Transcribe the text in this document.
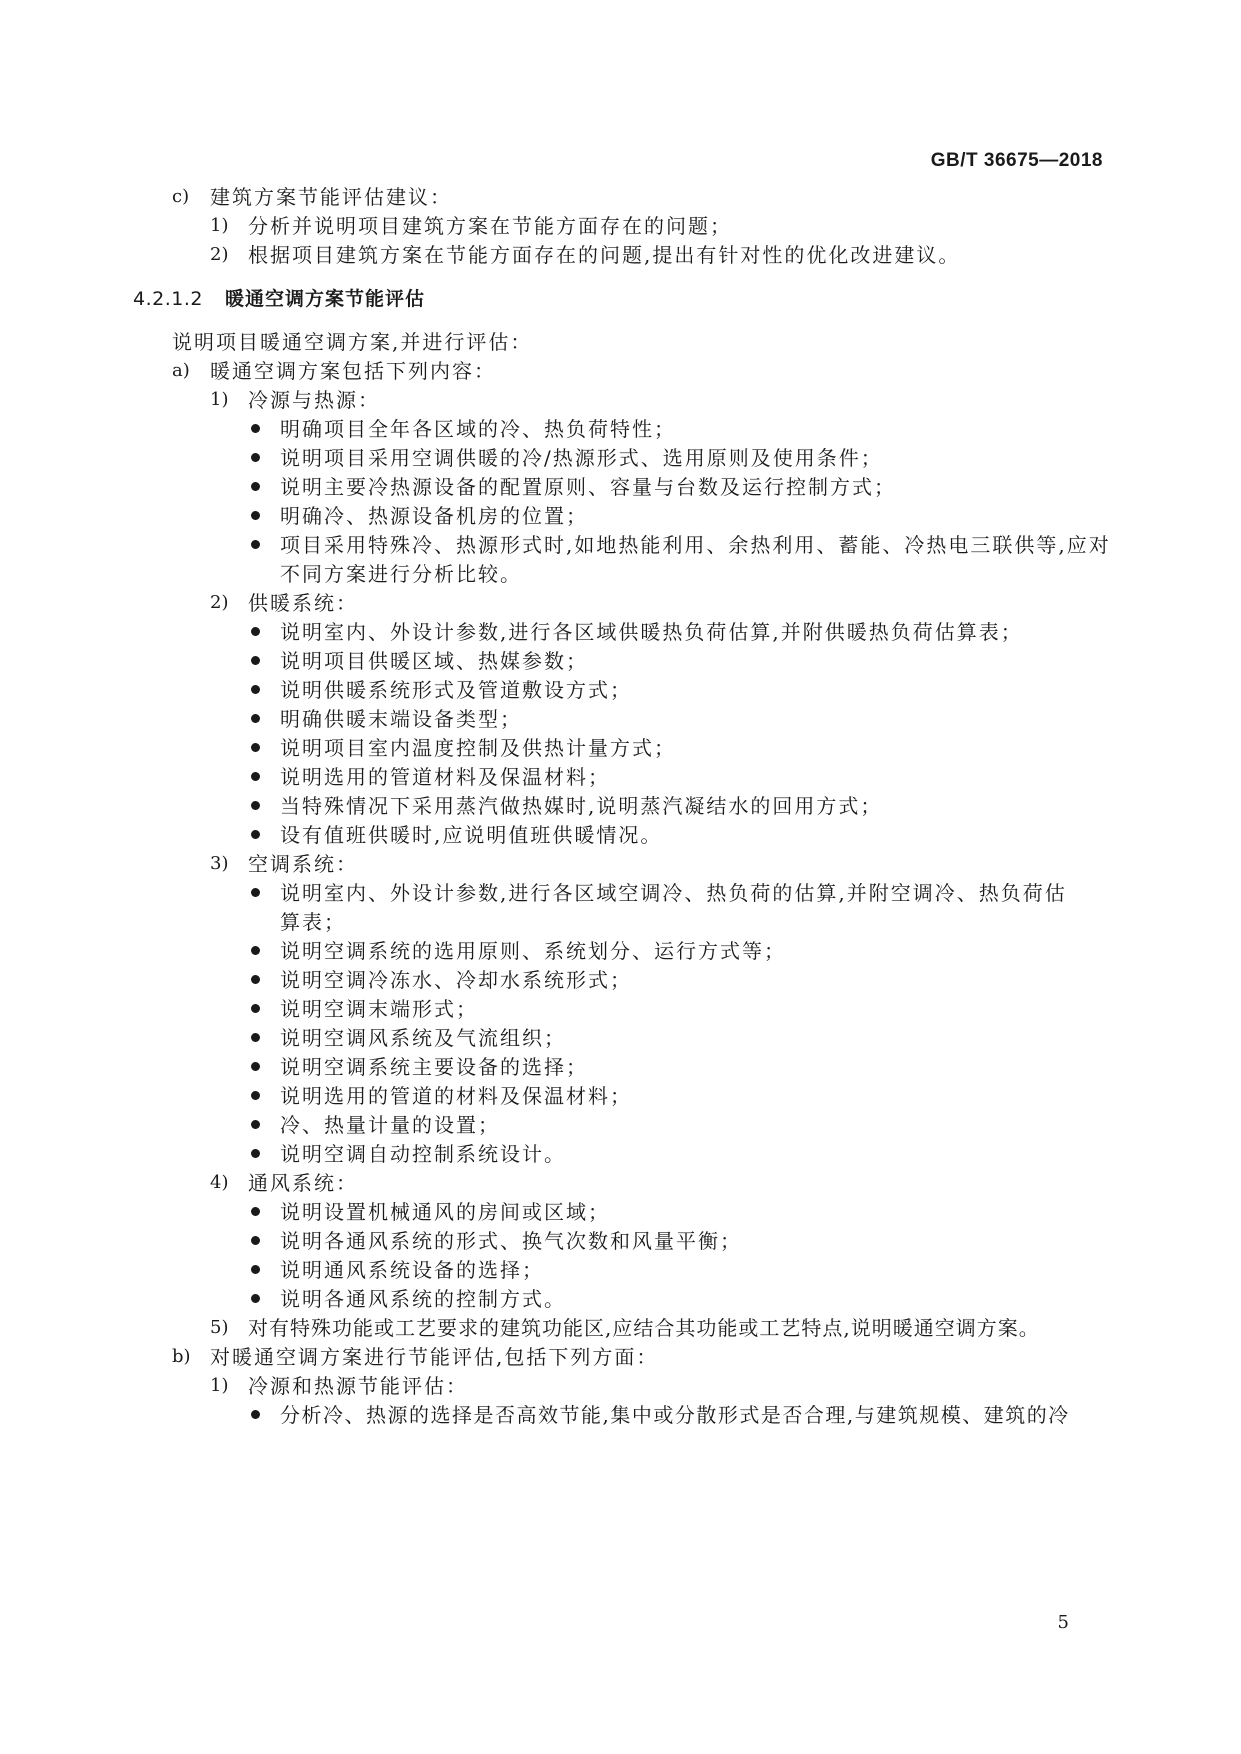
GB/T 36675—2018
c) 建筑方案节能评估建议：
1) 分析并说明项目建筑方案在节能方面存在的问题；
2) 根据项目建筑方案在节能方面存在的问题,提出有针对性的优化改进建议。
4.2.1.2 暖通空调方案节能评估
说明项目暖通空调方案,并进行评估：
a) 暖通空调方案包括下列内容：
1) 冷源与热源：
明确项目全年各区域的冷、热负荷特性；
说明项目采用空调供暖的冷/热源形式、选用原则及使用条件；
说明主要冷热源设备的配置原则、容量与台数及运行控制方式；
明确冷、热源设备机房的位置；
项目采用特殊冷、热源形式时,如地热能利用、余热利用、蓄能、冷热电三联供等,应对
不同方案进行分析比较。
2) 供暖系统：
说明室内、外设计参数,进行各区域供暖热负荷估算,并附供暖热负荷估算表；
说明项目供暖区域、热媒参数；
说明供暖系统形式及管道敷设方式；
明确供暖末端设备类型；
说明项目室内温度控制及供热计量方式；
说明选用的管道材料及保温材料；
当特殊情况下采用蒸汽做热媒时,说明蒸汽凝结水的回用方式；
设有值班供暖时,应说明值班供暖情况。
3) 空调系统：
说明室内、外设计参数,进行各区域空调冷、热负荷的估算,并附空调冷、热负荷估
算表；
说明空调系统的选用原则、系统划分、运行方式等；
说明空调冷冻水、冷却水系统形式；
说明空调末端形式；
说明空调风系统及气流组织；
说明空调系统主要设备的选择；
说明选用的管道的材料及保温材料；
冷、热量计量的设置；
说明空调自动控制系统设计。
4) 通风系统：
说明设置机械通风的房间或区域；
说明各通风系统的形式、换气次数和风量平衡；
说明通风系统设备的选择；
说明各通风系统的控制方式。
5) 对有特殊功能或工艺要求的建筑功能区,应结合其功能或工艺特点,说明暖通空调方案。
b) 对暖通空调方案进行节能评估,包括下列方面：
1) 冷源和热源节能评估：
分析冷、热源的选择是否高效节能,集中或分散形式是否合理,与建筑规模、建筑的冷
5
